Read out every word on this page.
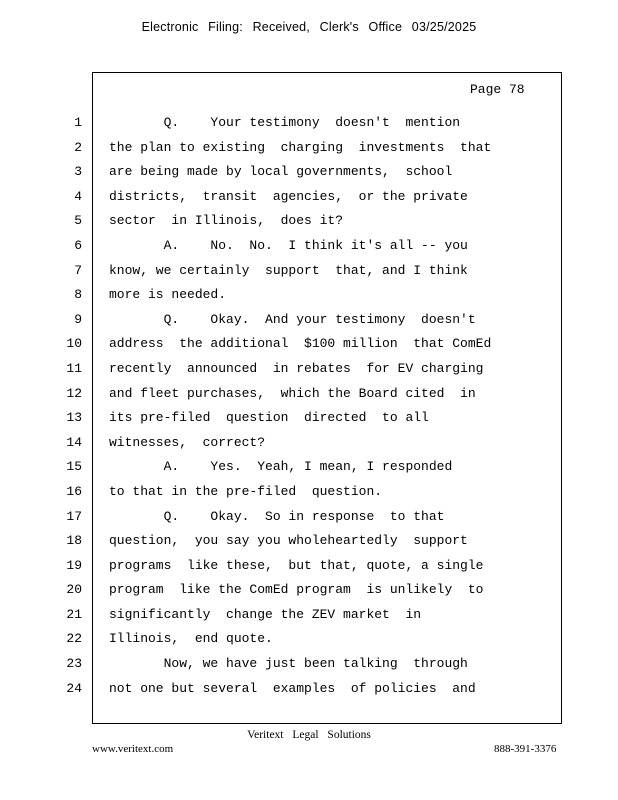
Electronic Filing: Received, Clerk's Office 03/25/2025
Page 78
1 Q.    Your testimony  doesn't  mention
2 the plan to existing  charging  investments  that
3 are being made by local governments,  school
4 districts,  transit  agencies,  or the private
5 sector  in Illinois,  does it?
6 A.    No.  No.  I think it's all -- you
7 know, we certainly  support  that, and I think
8 more is needed.
9 Q.    Okay.  And your testimony  doesn't
10 address  the additional  $100 million  that ComEd
11 recently  announced  in rebates  for EV charging
12 and fleet purchases,  which the Board cited  in
13 its pre-filed  question  directed  to all
14 witnesses,  correct?
15 A.    Yes.  Yeah, I mean, I responded
16 to that in the pre-filed  question.
17 Q.    Okay.  So in response  to that
18 question,  you say you wholeheartedly  support
19 programs  like these,  but that, quote, a single
20 program  like the ComEd program  is unlikely  to
21 significantly  change the ZEV market  in
22 Illinois,  end quote.
23 Now, we have just been talking  through
24 not one but several  examples  of policies  and
Veritext Legal Solutions
www.veritext.com	888-391-3376
